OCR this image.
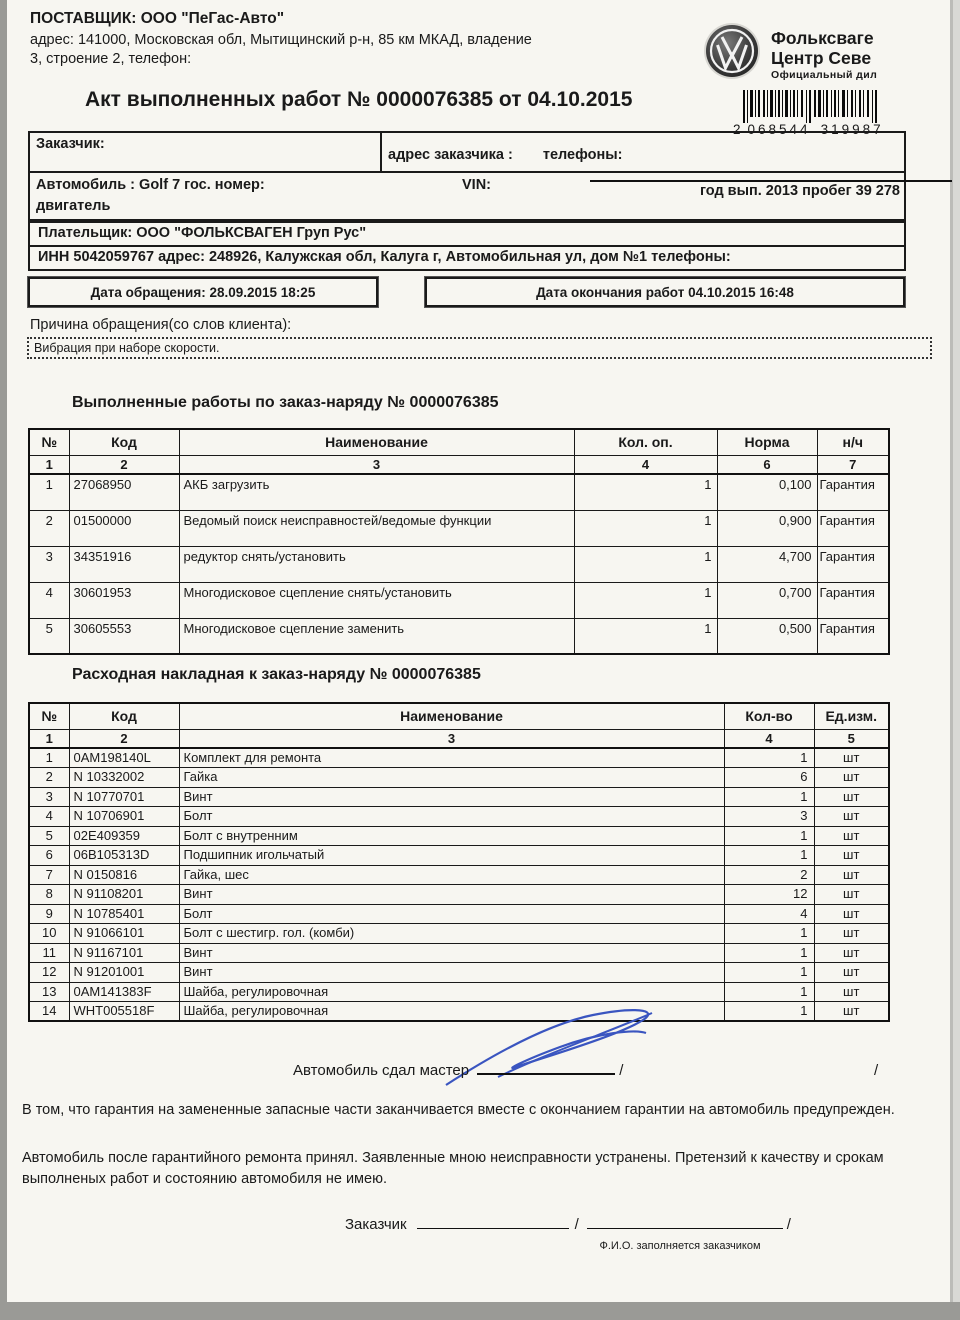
ПОСТАВЩИК: ООО "ПеГас-Авто"
адрес: 141000, Московская обл, Мытищинский р-н, 85 км МКАД, владение
3, строение 2, телефон:
Фольксваге
Центр Севе
Официальный дил
Акт выполненных работ № 0000076385 от 04.10.2015
2 068544 319987
Заказчик:
адрес заказчика : телефоны:
Автомобиль : Golf 7 гос. номер:	VIN:	год вып. 2013 пробег 39 278
двигатель
Плательщик: ООО "ФОЛЬКСВАГЕН Груп Рус"
ИНН 5042059767 адрес: 248926, Калужская обл, Калуга г, Автомобильная ул, дом №1 телефоны:
Дата обращения: 28.09.2015 18:25	Дата окончания работ 04.10.2015 16:48
Причина обращения(со слов клиента):
Вибрация при наборе скорости.
Выполненные работы по заказ-наряду № 0000076385
№	Код	Наименование	Кол. оп.	Норма	н/ч
1	2	3	4	6	7
1	27068950	АКБ загрузить	1	0,100	Гарантия
2	01500000	Ведомый поиск неисправностей/ведомые функции	1	0,900	Гарантия
3	34351916	редуктор снять/установить	1	4,700	Гарантия
4	30601953	Многодисковое сцепление снять/установить	1	0,700	Гарантия
5	30605553	Многодисковое сцепление заменить	1	0,500	Гарантия
Расходная накладная к заказ-наряду № 0000076385
№	Код	Наименование	Кол-во	Ед.изм.
1	2	3	4	5
1	0AM198140L	Комплект для ремонта	1	шт
2	N 10332002	Гайка	6	шт
3	N 10770701	Винт	1	шт
4	N 10706901	Болт	3	шт
5	02E409359	Болт с внутренним	1	шт
6	06B105313D	Подшипник игольчатый	1	шт
7	N 0150816	Гайка, шес	2	шт
8	N 91108201	Винт	12	шт
9	N 10785401	Болт	4	шт
10	N 91066101	Болт с шестигр. гол. (комби)	1	шт
11	N 91167101	Винт	1	шт
12	N 91201001	Винт	1	шт
13	0AM141383F	Шайба, регулировочная	1	шт
14	WHT005518F	Шайба, регулировочная	1	шт
Автомобиль сдал мастер	/	/
В том, что гарантия на замененные запасные части заканчивается вместе с окончанием гарантии на автомобиль предупрежден.
Автомобиль после гарантийного ремонта принял. Заявленные мною неисправности устранены. Претензий к качеству и срокам выполненых работ и состоянию автомобиля не имею.
Заказчик	/	/
Ф.И.О. заполняется заказчиком
